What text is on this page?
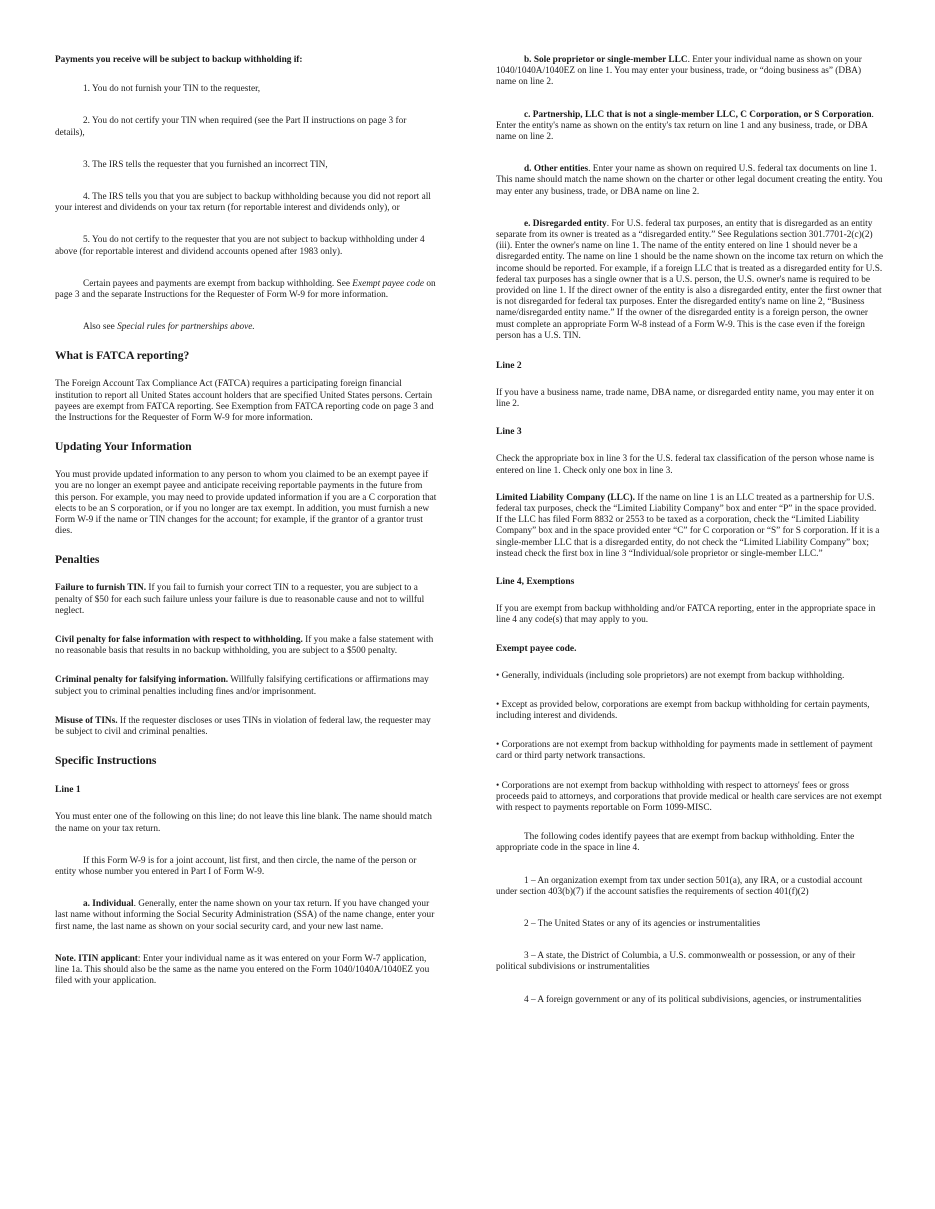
Payments you receive will be subject to backup withholding if:

1. You do not furnish your TIN to the requester,

2. You do not certify your TIN when required (see the Part II instructions on page 3 for details),

3. The IRS tells the requester that you furnished an incorrect TIN,

4. The IRS tells you that you are subject to backup withholding because you did not report all your interest and dividends on your tax return (for reportable interest and dividends only), or

5. You do not certify to the requester that you are not subject to backup withholding under 4 above (for reportable interest and dividend accounts opened after 1983 only).

Certain payees and payments are exempt from backup withholding. See Exempt payee code on page 3 and the separate Instructions for the Requester of Form W-9 for more information.

Also see Special rules for partnerships above.

What is FATCA reporting?

The Foreign Account Tax Compliance Act (FATCA) requires a participating foreign financial institution to report all United States account holders that are specified United States persons. Certain payees are exempt from FATCA reporting. See Exemption from FATCA reporting code on page 3 and the Instructions for the Requester of Form W-9 for more information.

Updating Your Information

You must provide updated information to any person to whom you claimed to be an exempt payee if you are no longer an exempt payee and anticipate receiving reportable payments in the future from this person. For example, you may need to provide updated information if you are a C corporation that elects to be an S corporation, or if you no longer are tax exempt. In addition, you must furnish a new Form W-9 if the name or TIN changes for the account; for example, if the grantor of a grantor trust dies.

Penalties

Failure to furnish TIN. If you fail to furnish your correct TIN to a requester, you are subject to a penalty of $50 for each such failure unless your failure is due to reasonable cause and not to willful neglect.

Civil penalty for false information with respect to withholding. If you make a false statement with no reasonable basis that results in no backup withholding, you are subject to a $500 penalty.

Criminal penalty for falsifying information. Willfully falsifying certifications or affirmations may subject you to criminal penalties including fines and/or imprisonment.

Misuse of TINs. If the requester discloses or uses TINs in violation of federal law, the requester may be subject to civil and criminal penalties.

Specific Instructions
Line 1

You must enter one of the following on this line; do not leave this line blank. The name should match the name on your tax return.

If this Form W-9 is for a joint account, list first, and then circle, the name of the person or entity whose number you entered in Part I of Form W-9.

a. Individual. Generally, enter the name shown on your tax return. If you have changed your last name without informing the Social Security Administration (SSA) of the name change, enter your first name, the last name as shown on your social security card, and your new last name.

Note. ITIN applicant: Enter your individual name as it was entered on your Form W-7 application, line 1a. This should also be the same as the name you entered on the Form 1040/1040A/1040EZ you filed with your application.

b. Sole proprietor or single-member LLC. Enter your individual name as shown on your 1040/1040A/1040EZ on line 1. You may enter your business, trade, or “doing business as” (DBA) name on line 2.

c. Partnership, LLC that is not a single-member LLC, C Corporation, or S Corporation. Enter the entity's name as shown on the entity's tax return on line 1 and any business, trade, or DBA name on line 2.

d. Other entities. Enter your name as shown on required U.S. federal tax documents on line 1. This name should match the name shown on the charter or other legal document creating the entity. You may enter any business, trade, or DBA name on line 2.

e. Disregarded entity. For U.S. federal tax purposes, an entity that is disregarded as an entity separate from its owner is treated as a “disregarded entity.” See Regulations section 301.7701-2(c)(2)(iii). Enter the owner's name on line 1. The name of the entity entered on line 1 should never be a disregarded entity. The name on line 1 should be the name shown on the income tax return on which the income should be reported. For example, if a foreign LLC that is treated as a disregarded entity for U.S. federal tax purposes has a single owner that is a U.S. person, the U.S. owner's name is required to be provided on line 1. If the direct owner of the entity is also a disregarded entity, enter the first owner that is not disregarded for federal tax purposes. Enter the disregarded entity's name on line 2, “Business name/disregarded entity name.” If the owner of the disregarded entity is a foreign person, the owner must complete an appropriate Form W-8 instead of a Form W-9. This is the case even if the foreign person has a U.S. TIN.

Line 2

If you have a business name, trade name, DBA name, or disregarded entity name, you may enter it on line 2.

Line 3

Check the appropriate box in line 3 for the U.S. federal tax classification of the person whose name is entered on line 1. Check only one box in line 3.

Limited Liability Company (LLC). If the name on line 1 is an LLC treated as a partnership for U.S. federal tax purposes, check the “Limited Liability Company” box and enter “P” in the space provided. If the LLC has filed Form 8832 or 2553 to be taxed as a corporation, check the “Limited Liability Company” box and in the space provided enter “C” for C corporation or “S” for S corporation. If it is a single-member LLC that is a disregarded entity, do not check the “Limited Liability Company” box; instead check the first box in line 3 “Individual/sole proprietor or single-member LLC.”

Line 4, Exemptions

If you are exempt from backup withholding and/or FATCA reporting, enter in the appropriate space in line 4 any code(s) that may apply to you.

Exempt payee code.

• Generally, individuals (including sole proprietors) are not exempt from backup withholding.

• Except as provided below, corporations are exempt from backup withholding for certain payments, including interest and dividends.

• Corporations are not exempt from backup withholding for payments made in settlement of payment card or third party network transactions.

• Corporations are not exempt from backup withholding with respect to attorneys' fees or gross proceeds paid to attorneys, and corporations that provide medical or health care services are not exempt with respect to payments reportable on Form 1099-MISC.

The following codes identify payees that are exempt from backup withholding. Enter the appropriate code in the space in line 4.

1 – An organization exempt from tax under section 501(a), any IRA, or a custodial account under section 403(b)(7) if the account satisfies the requirements of section 401(f)(2)

2 – The United States or any of its agencies or instrumentalities

3 – A state, the District of Columbia, a U.S. commonwealth or possession, or any of their political subdivisions or instrumentalities

4 – A foreign government or any of its political subdivisions, agencies, or instrumentalities
